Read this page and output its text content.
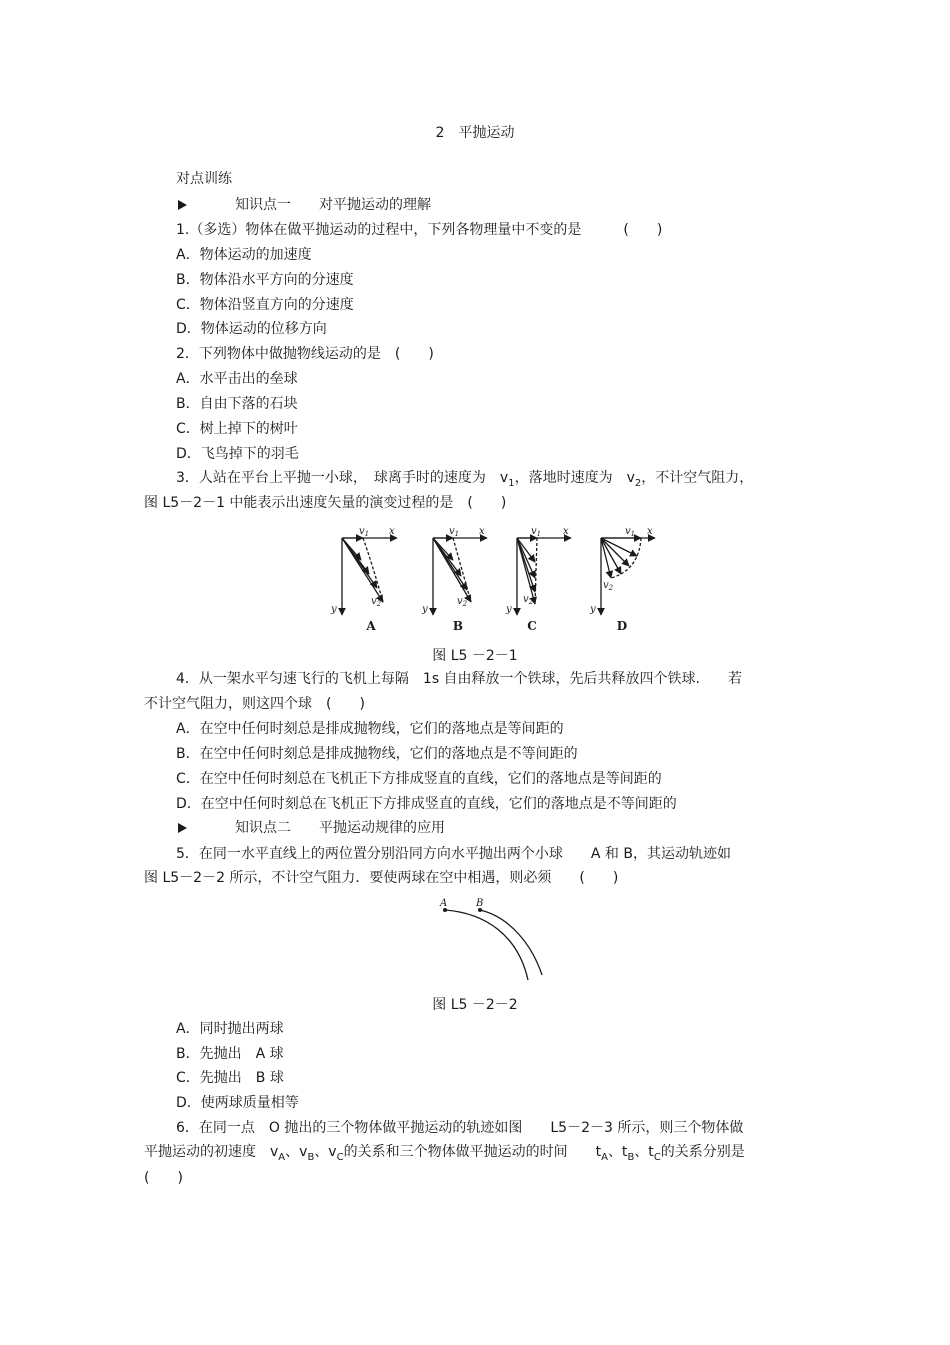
2　平抛运动
对点训练
知识点一　　对平抛运动的理解
1.（多选）物体在做平抛运动的过程中，下列各物理量中不变的是　　　(　　)
A．物体运动的加速度
B．物体沿水平方向的分速度
C．物体沿竖直方向的分速度
D．物体运动的位移方向
2．下列物体中做抛物线运动的是　(　　)
A．水平击出的垒球
B．自由下落的石块
C．树上掉下的树叶
D．飞鸟掉下的羽毛
3．人站在平台上平抛一小球，　球离手时的速度为　$v_1$，落地时速度为　$v_2$，不计空气阻力，
图 L5－2－1 中能表示出速度矢量的演变过程的是　(　　)
$v_1$ x
y
$v_2$
$v_1$ x
y
$v_2$
$v_1$ x
y
$v_2$
$v_1$ x
y
$v_2$
A	B	C	D
图 L5 －2－1
4．从一架水平匀速飞行的飞机上每隔　1s 自由释放一个铁球，先后共释放四个铁球.　　若
不计空气阻力，则这四个球　(　　)
A．在空中任何时刻总是排成抛物线，它们的落地点是等间距的
B．在空中任何时刻总是排成抛物线，它们的落地点是不等间距的
C．在空中任何时刻总在飞机正下方排成竖直的直线，它们的落地点是等间距的
D．在空中任何时刻总在飞机正下方排成竖直的直线，它们的落地点是不等间距的
知识点二　　平抛运动规律的应用
5．在同一水平直线上的两位置分别沿同方向水平抛出两个小球　　A 和 B，其运动轨迹如
图 L5－2－2 所示，不计空气阻力．要使两球在空中相遇，则必须　　(　　)
A	B
图 L5 －2－2
A．同时抛出两球
B．先抛出　A 球
C．先抛出　B 球
D．使两球质量相等
6．在同一点　O 抛出的三个物体做平抛运动的轨迹如图　　L5－2－3 所示，则三个物体做
平抛运动的初速度　$v_A$、$v_B$、$v_C$的关系和三个物体做平抛运动的时间　　$t_A$、$t_B$、$t_C$的关系分别是
(　　)
